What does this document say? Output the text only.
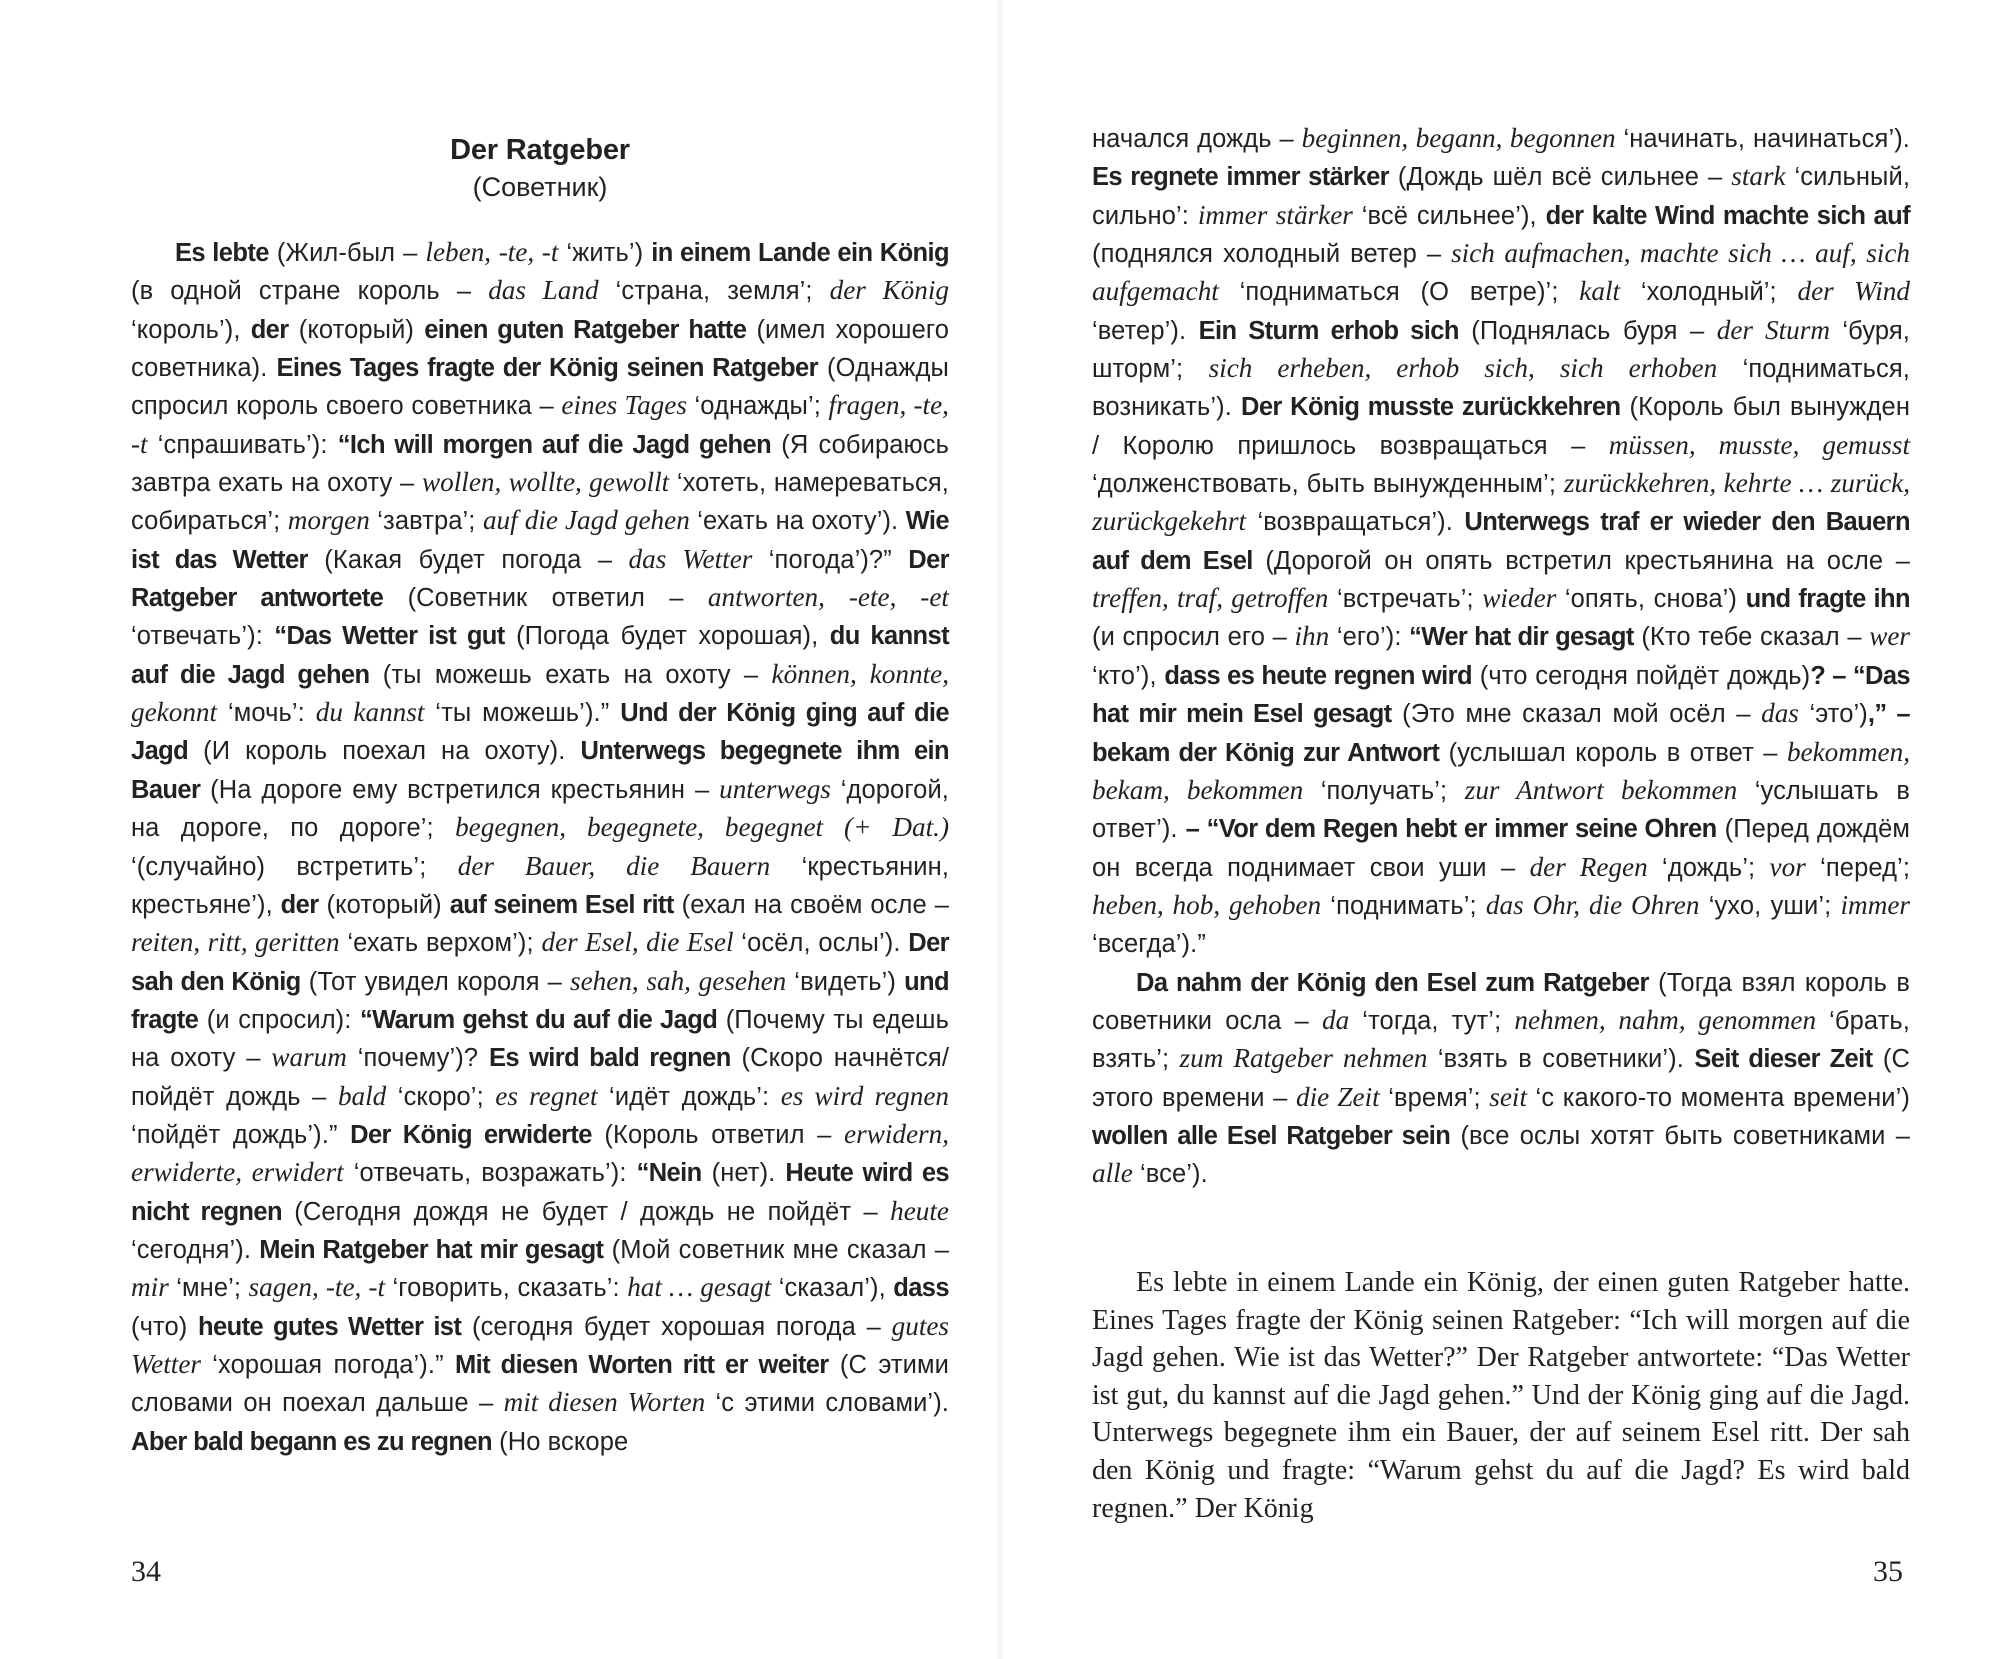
Der Ratgeber
(Советник)

Es lebte (Жил-был – leben, -te, -t ‘жить’) in einem Lande ein König (в одной стране король – das Land ‘страна, земля’; der König ‘король’), der (который) einen guten Ratgeber hatte (имел хорошего советника). Eines Tages fragte der König seinen Ratgeber (Однажды спросил король своего советника – eines Tages ‘однажды’; fragen, -te, -t ‘спрашивать’): “Ich will morgen auf die Jagd gehen (Я собираюсь завтра ехать на охоту – wollen, wollte, gewollt ‘хотеть, намереваться, собираться’; morgen ‘завтра’; auf die Jagd gehen ‘ехать на охоту’). Wie ist das Wetter (Какая будет погода – das Wetter ‘погода’)?” Der Ratgeber antwortete (Советник ответил – antworten, -ete, -et ‘отвечать’): “Das Wetter ist gut (Погода будет хорошая), du kannst auf die Jagd gehen (ты можешь ехать на охоту – können, konnte, gekonnt ‘мочь’: du kannst ‘ты можешь’).” Und der König ging auf die Jagd (И король поехал на охоту). Unterwegs begegnete ihm ein Bauer (На дороге ему встретился крестьянин – unterwegs ‘дорогой, на дороге, по дороге’; begegnen, begegnete, begegnet (+ Dat.) ‘(случайно) встретить’; der Bauer, die Bauern ‘крестьянин, крестьяне’), der (который) auf seinem Esel ritt (ехал на своём осле – reiten, ritt, geritten ‘ехать верхом’); der Esel, die Esel ‘осёл, ослы’). Der sah den König (Тот увидел короля – sehen, sah, gesehen ‘видеть’) und fragte (и спросил): “Warum gehst du auf die Jagd (Почему ты едешь на охоту – warum ‘почему’)? Es wird bald regnen (Скоро начнётся/пойдёт дождь – bald ‘скоро’; es regnet ‘идёт дождь’: es wird regnen ‘пойдёт дождь’).” Der König erwiderte (Король ответил – erwidern, erwiderte, erwidert ‘отвечать, возражать’): “Nein (нет). Heute wird es nicht regnen (Сегодня дождя не будет / дождь не пойдёт – heute ‘сегодня’). Mein Ratgeber hat mir gesagt (Мой советник мне сказал – mir ‘мне’; sagen, -te, -t ‘говорить, сказать’: hat … gesagt ‘сказал’), dass (что) heute gutes Wetter ist (сегодня будет хорошая погода – gutes Wetter ‘хорошая погода’).” Mit diesen Worten ritt er weiter (С этими словами он поехал дальше – mit diesen Worten ‘с этими словами’). Aber bald begann es zu regnen (Но вскоре

34

начался дождь – beginnen, begann, begonnen ‘начинать, начинаться’). Es regnete immer stärker (Дождь шёл всё сильнее – stark ‘сильный, сильно’: immer stärker ‘всё сильнее’), der kalte Wind machte sich auf (поднялся холодный ветер – sich aufmachen, machte sich … auf, sich aufgemacht ‘подниматься (О ветре)’; kalt ‘холодный’; der Wind ‘ветер’). Ein Sturm erhob sich (Поднялась буря – der Sturm ‘буря, шторм’; sich erheben, erhob sich, sich erhoben ‘подниматься, возникать’). Der König musste zurückkehren (Король был вынужден / Королю пришлось возвращаться – müssen, musste, gemusst ‘долженствовать, быть вынужденным’; zurückkehren, kehrte … zurück, zurückgekehrt ‘возвращаться’). Unterwegs traf er wieder den Bauern auf dem Esel (Дорогой он опять встретил крестьянина на осле – treffen, traf, getroffen ‘встречать’; wieder ‘опять, снова’) und fragte ihn (и спросил его – ihn ‘его’): “Wer hat dir gesagt (Кто тебе сказал – wer ‘кто’), dass es heute regnen wird (что сегодня пойдёт дождь)? – “Das hat mir mein Esel gesagt (Это мне сказал мой осёл – das ‘это’),” – bekam der König zur Antwort (услышал король в ответ – bekommen, bekam, bekommen ‘получать’; zur Antwort bekommen ‘услышать в ответ’). – “Vor dem Regen hebt er immer seine Ohren (Перед дождём он всегда поднимает свои уши – der Regen ‘дождь’; vor ‘перед’; heben, hob, gehoben ‘поднимать’; das Ohr, die Ohren ‘ухо, уши’; immer ‘всегда’).”

Da nahm der König den Esel zum Ratgeber (Тогда взял король в советники осла – da ‘тогда, тут’; nehmen, nahm, genommen ‘брать, взять’; zum Ratgeber nehmen ‘взять в советники’). Seit dieser Zeit (С этого времени – die Zeit ‘время’; seit ‘с какого-то момента времени’) wollen alle Esel Ratgeber sein (все ослы хотят быть советниками – alle ‘все’).

Es lebte in einem Lande ein König, der einen guten Ratgeber hatte. Eines Tages fragte der König seinen Ratgeber: “Ich will morgen auf die Jagd gehen. Wie ist das Wetter?” Der Ratgeber antwortete: “Das Wetter ist gut, du kannst auf die Jagd gehen.” Und der König ging auf die Jagd. Unterwegs begegnete ihm ein Bauer, der auf seinem Esel ritt. Der sah den König und fragte: “Warum gehst du auf die Jagd? Es wird bald regnen.” Der König
35
